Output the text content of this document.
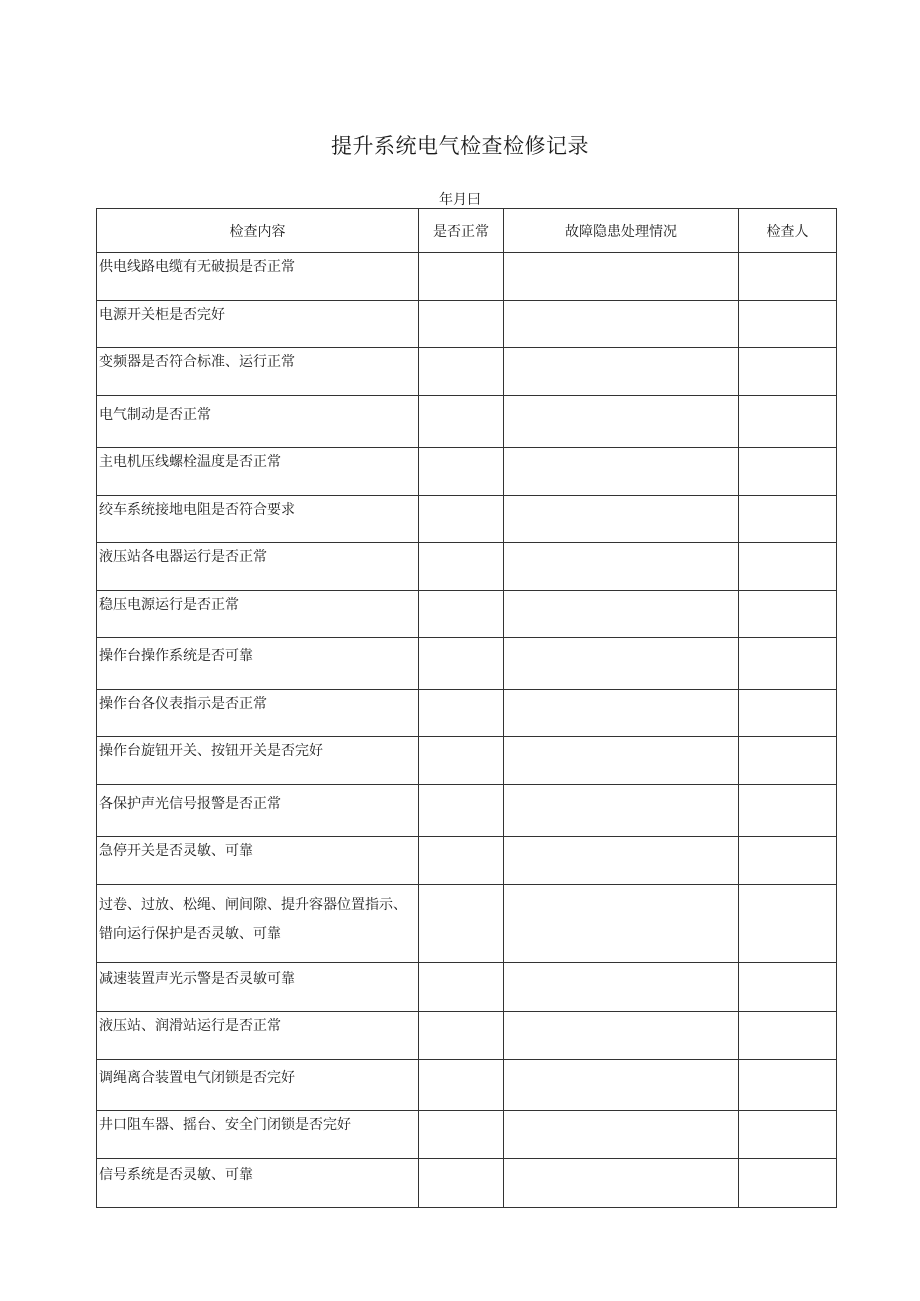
提升系统电气检查检修记录
年月曰
检查内容	是否正常	故障隐患处理情况	检查人
供电线路电缆有无破损是否正常			
电源开关柜是否完好			
变频器是否符合标准、运行正常			
电气制动是否正常			
主电机压线螺栓温度是否正常			
绞车系统接地电阻是否符合要求			
液压站各电器运行是否正常			
稳压电源运行是否正常			
操作台操作系统是否可靠			
操作台各仪表指示是否正常			
操作台旋钮开关、按钮开关是否完好			
各保护声光信号报警是否正常			
急停开关是否灵敏、可靠			
过卷、过放、松绳、闸间隙、提升容器位置指示、错向运行保护是否灵敏、可靠			
减速装置声光示警是否灵敏可靠			
液压站、润滑站运行是否正常			
调绳离合装置电气闭锁是否完好			
井口阻车器、摇台、安全门闭锁是否完好			
信号系统是否灵敏、可靠			
